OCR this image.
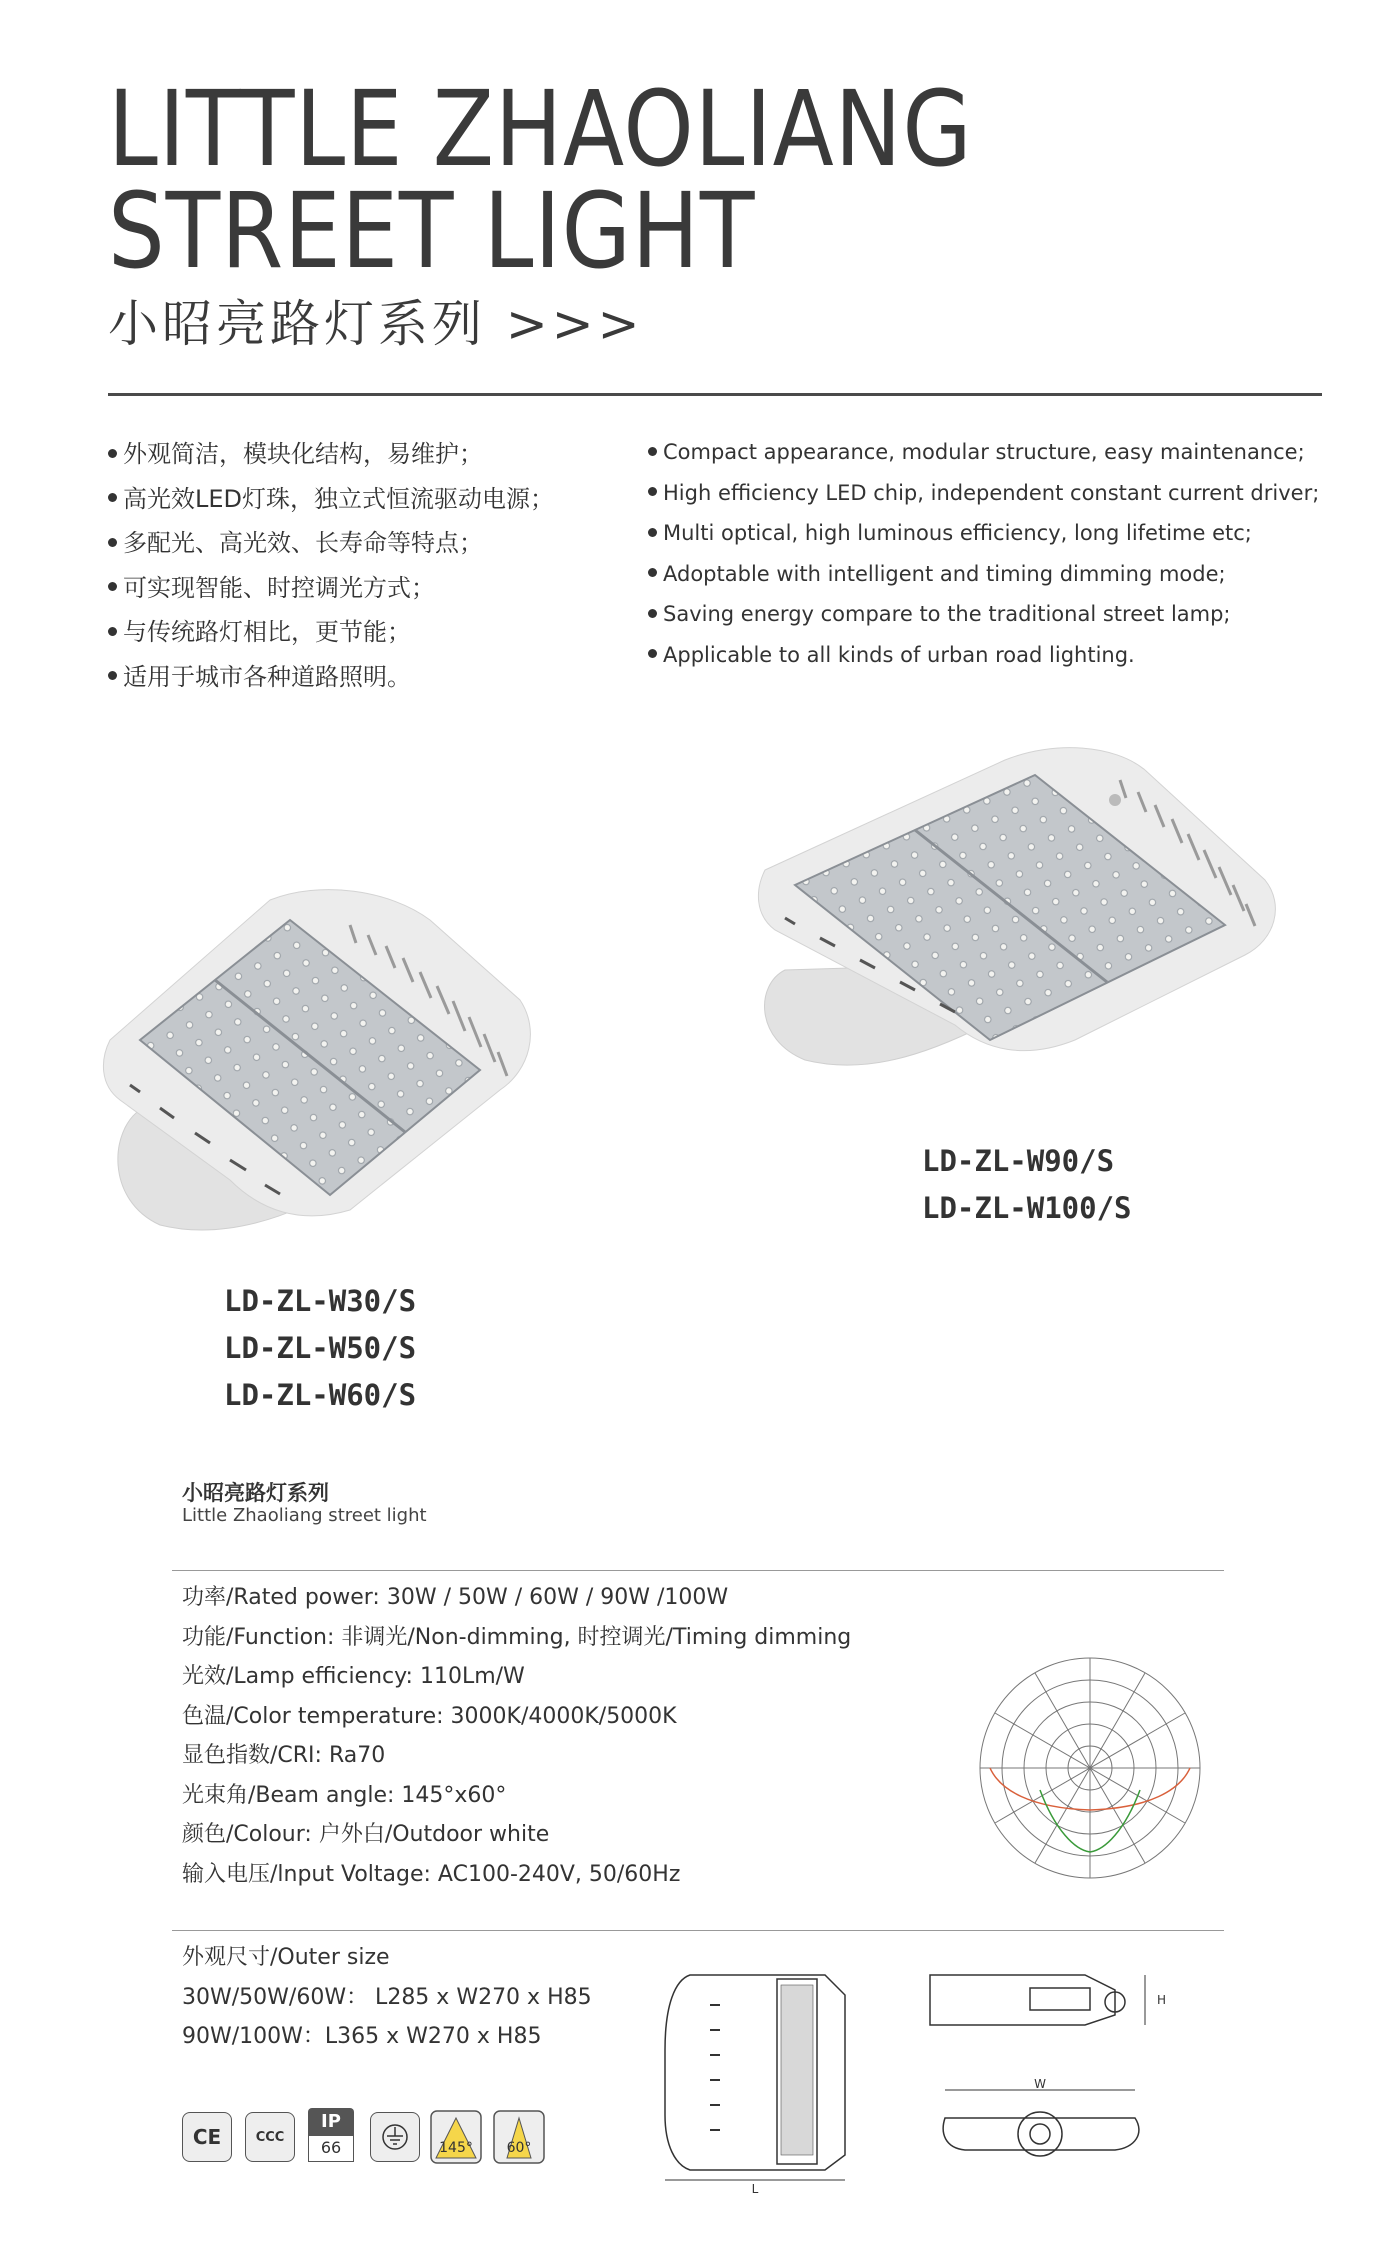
LITTLE ZHAOLIANG
STREET LIGHT
小昭亮路灯系列 >>>
外观简洁，模块化结构，易维护；
高光效LED灯珠，独立式恒流驱动电源；
多配光、高光效、长寿命等特点；
可实现智能、时控调光方式；
与传统路灯相比，更节能；
适用于城市各种道路照明。
Compact appearance, modular structure, easy maintenance;
High efficiency LED chip, independent constant current driver;
Multi optical, high luminous efficiency, long lifetime etc;
Adoptable with intelligent and timing dimming mode;
Saving energy compare to the traditional street lamp;
Applicable to all kinds of urban road lighting.
LD-ZL-W90/S
LD-ZL-W100/S
LD-ZL-W30/S
LD-ZL-W50/S
LD-ZL-W60/S
小昭亮路灯系列
Little Zhaoliang street light
功率/Rated power: 30W / 50W / 60W / 90W /100W
功能/Function: 非调光/Non-dimming, 时控调光/Timing dimming
光效/Lamp efficiency: 110Lm/W
色温/Color temperature: 3000K/4000K/5000K
显色指数/CRI: Ra70
光束角/Beam angle: 145°x60°
颜色/Colour: 户外白/Outdoor white
输入电压/lnput Voltage: AC100-240V, 50/60Hz
外观尺寸/Outer size
30W/50W/60W： L285 x W270 x H85
90W/100W：L365 x W270 x H85
L
H
W
CE	CCC
IP
66	145°	60°
